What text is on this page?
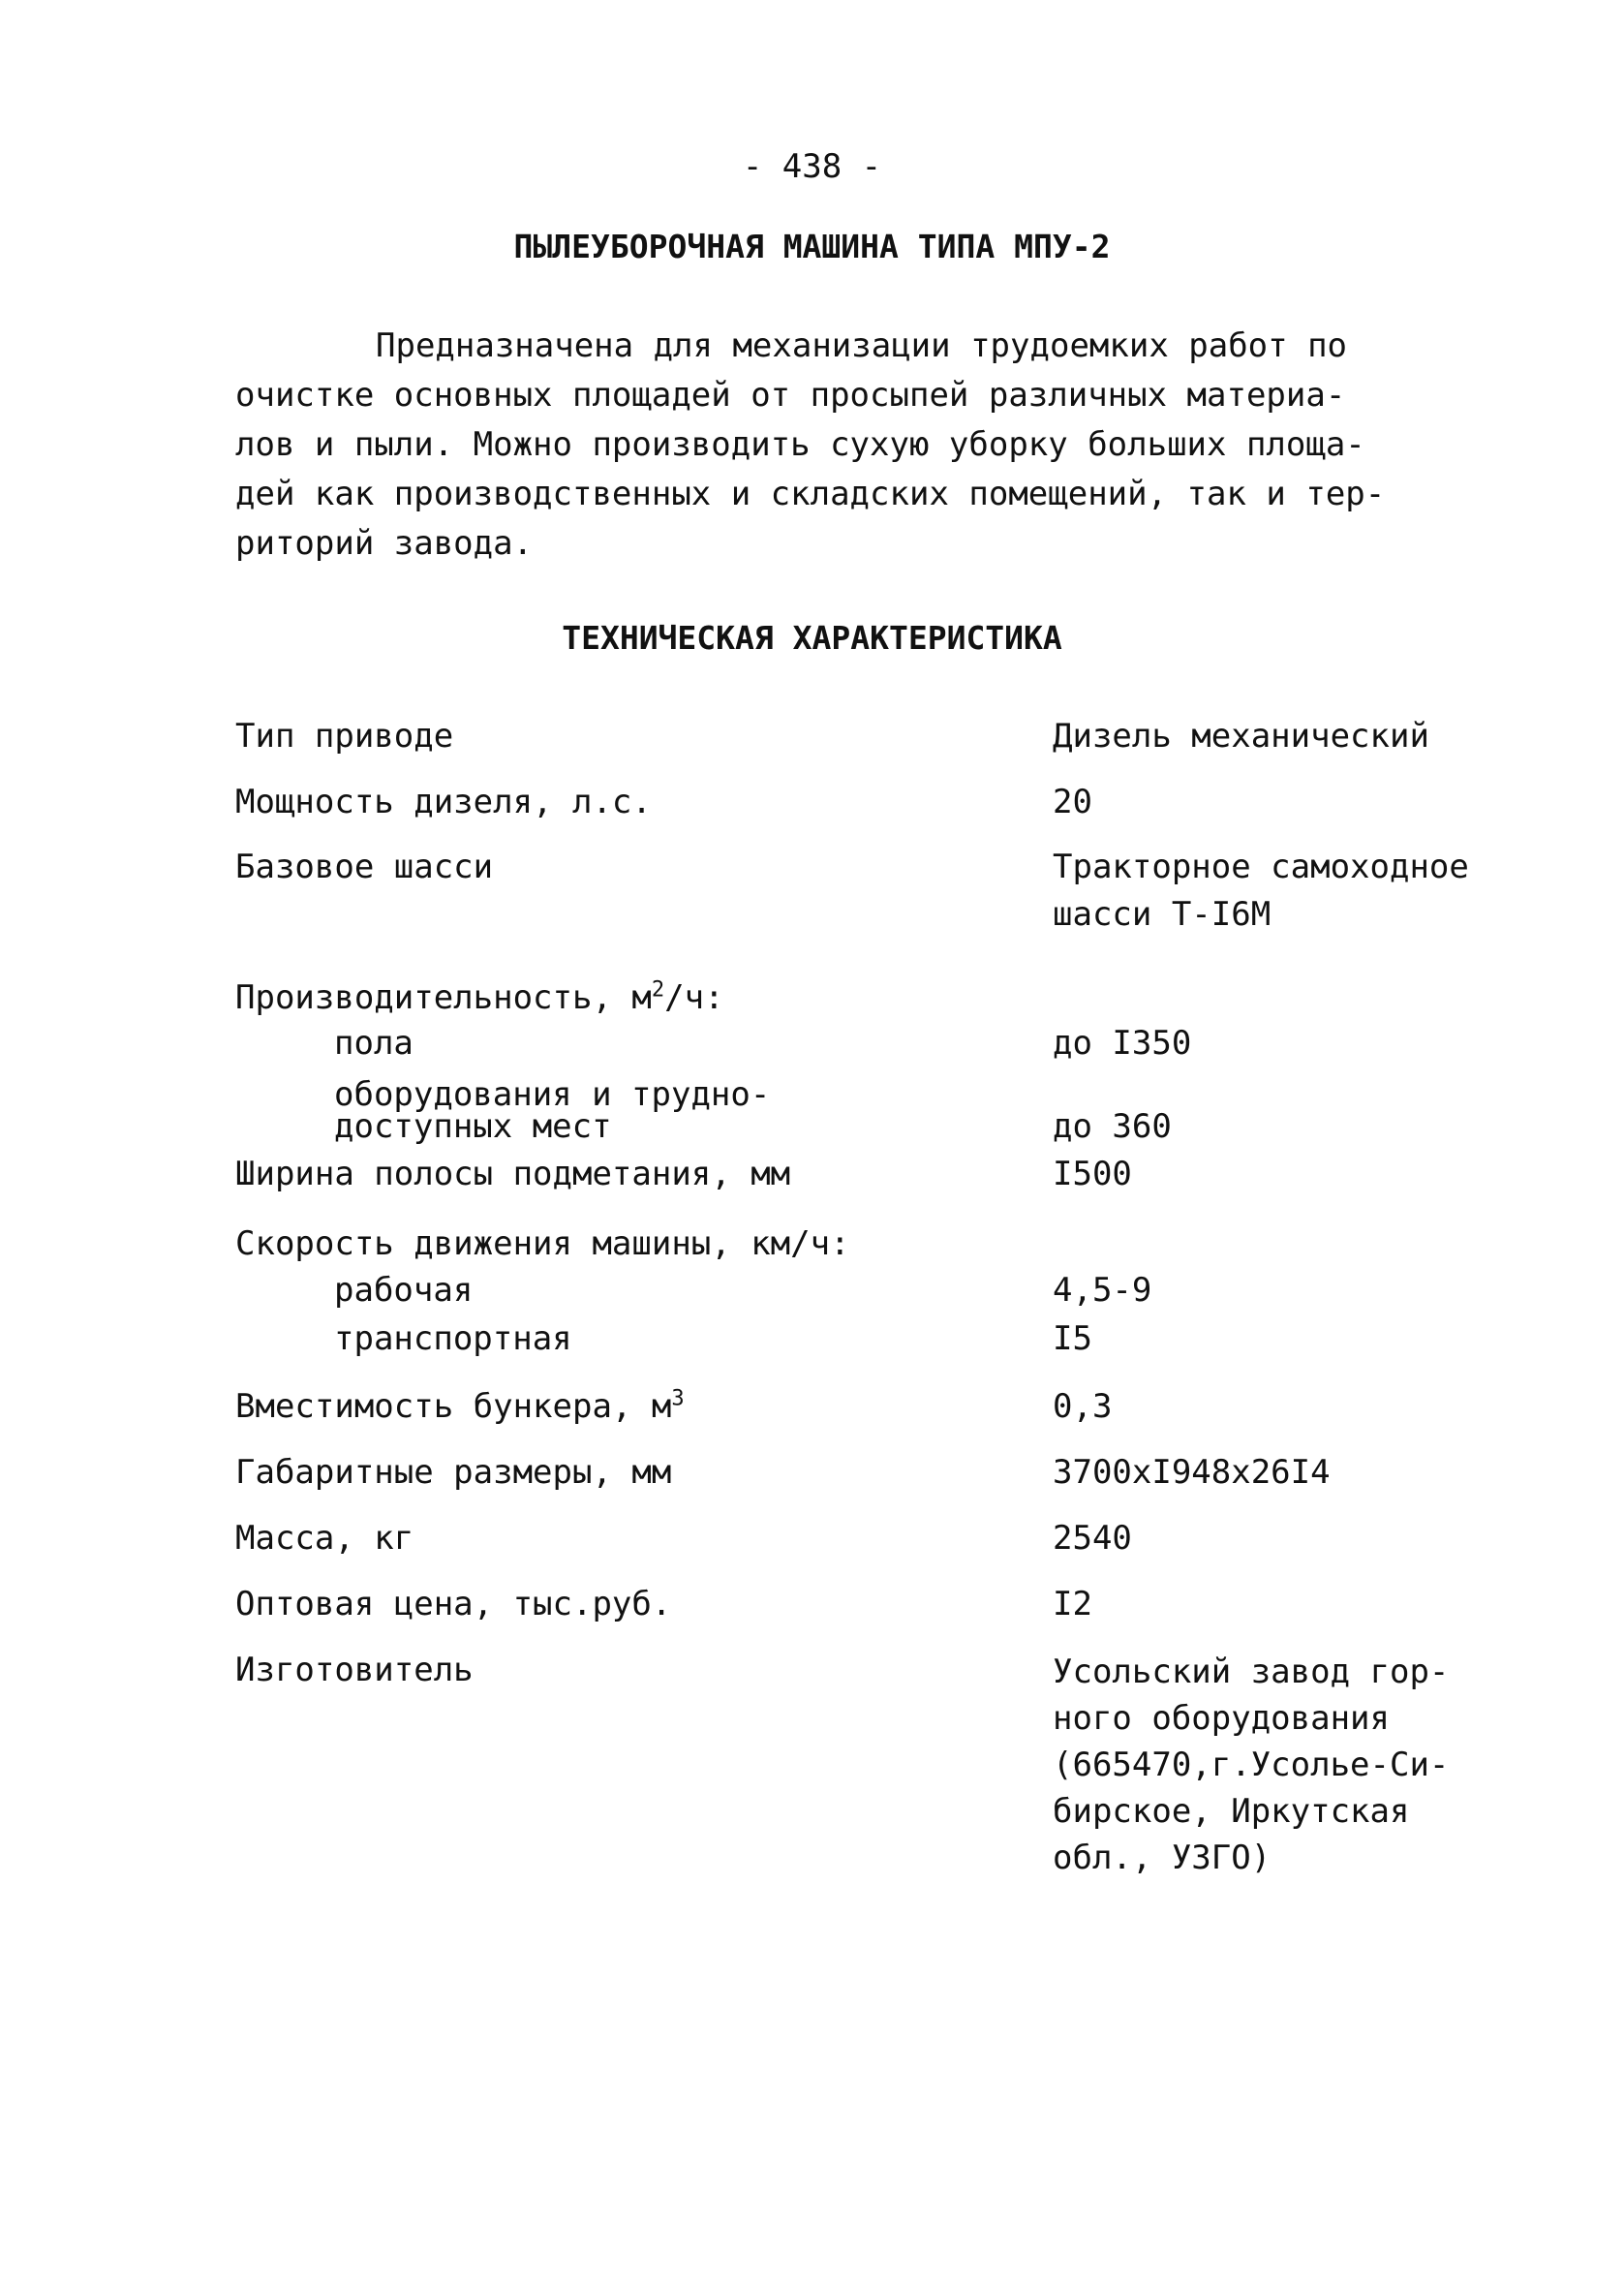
- 438 -
ПЫЛЕУБОРОЧНАЯ МАШИНА ТИПА МПУ-2
Предназначена для механизации трудоемких работ по
очистке основных площадей от просыпей различных материа-
лов и пыли. Можно производить сухую уборку больших площа-
дей как производственных и складских помещений, так и тер-
риторий завода.
ТЕХНИЧЕСКАЯ ХАРАКТЕРИСТИКА
Тип приводе	Дизель механический
Мощность дизеля, л.с.	20
Базовое шасси	Тракторное самоходное
шасси Т-I6M
Производительность, $м^2/ч$:
пола	до I350
оборудования и трудно-
доступных мест	до 360
Ширина полосы подметания, мм	I500
Скорость движения машины, км/ч:
рабочая	4,5-9
транспортная	I5
Вместимость бункера, $м^3$	0,3
Габаритные размеры, мм	3700xI948x26I4
Масса, кг	2540
Оптовая цена, тыс.руб.	I2
Изготовитель	Усольский завод гор-
ного оборудования
(665470,г.Усолье-Си-
бирское, Иркутская
обл., УЗГО)
